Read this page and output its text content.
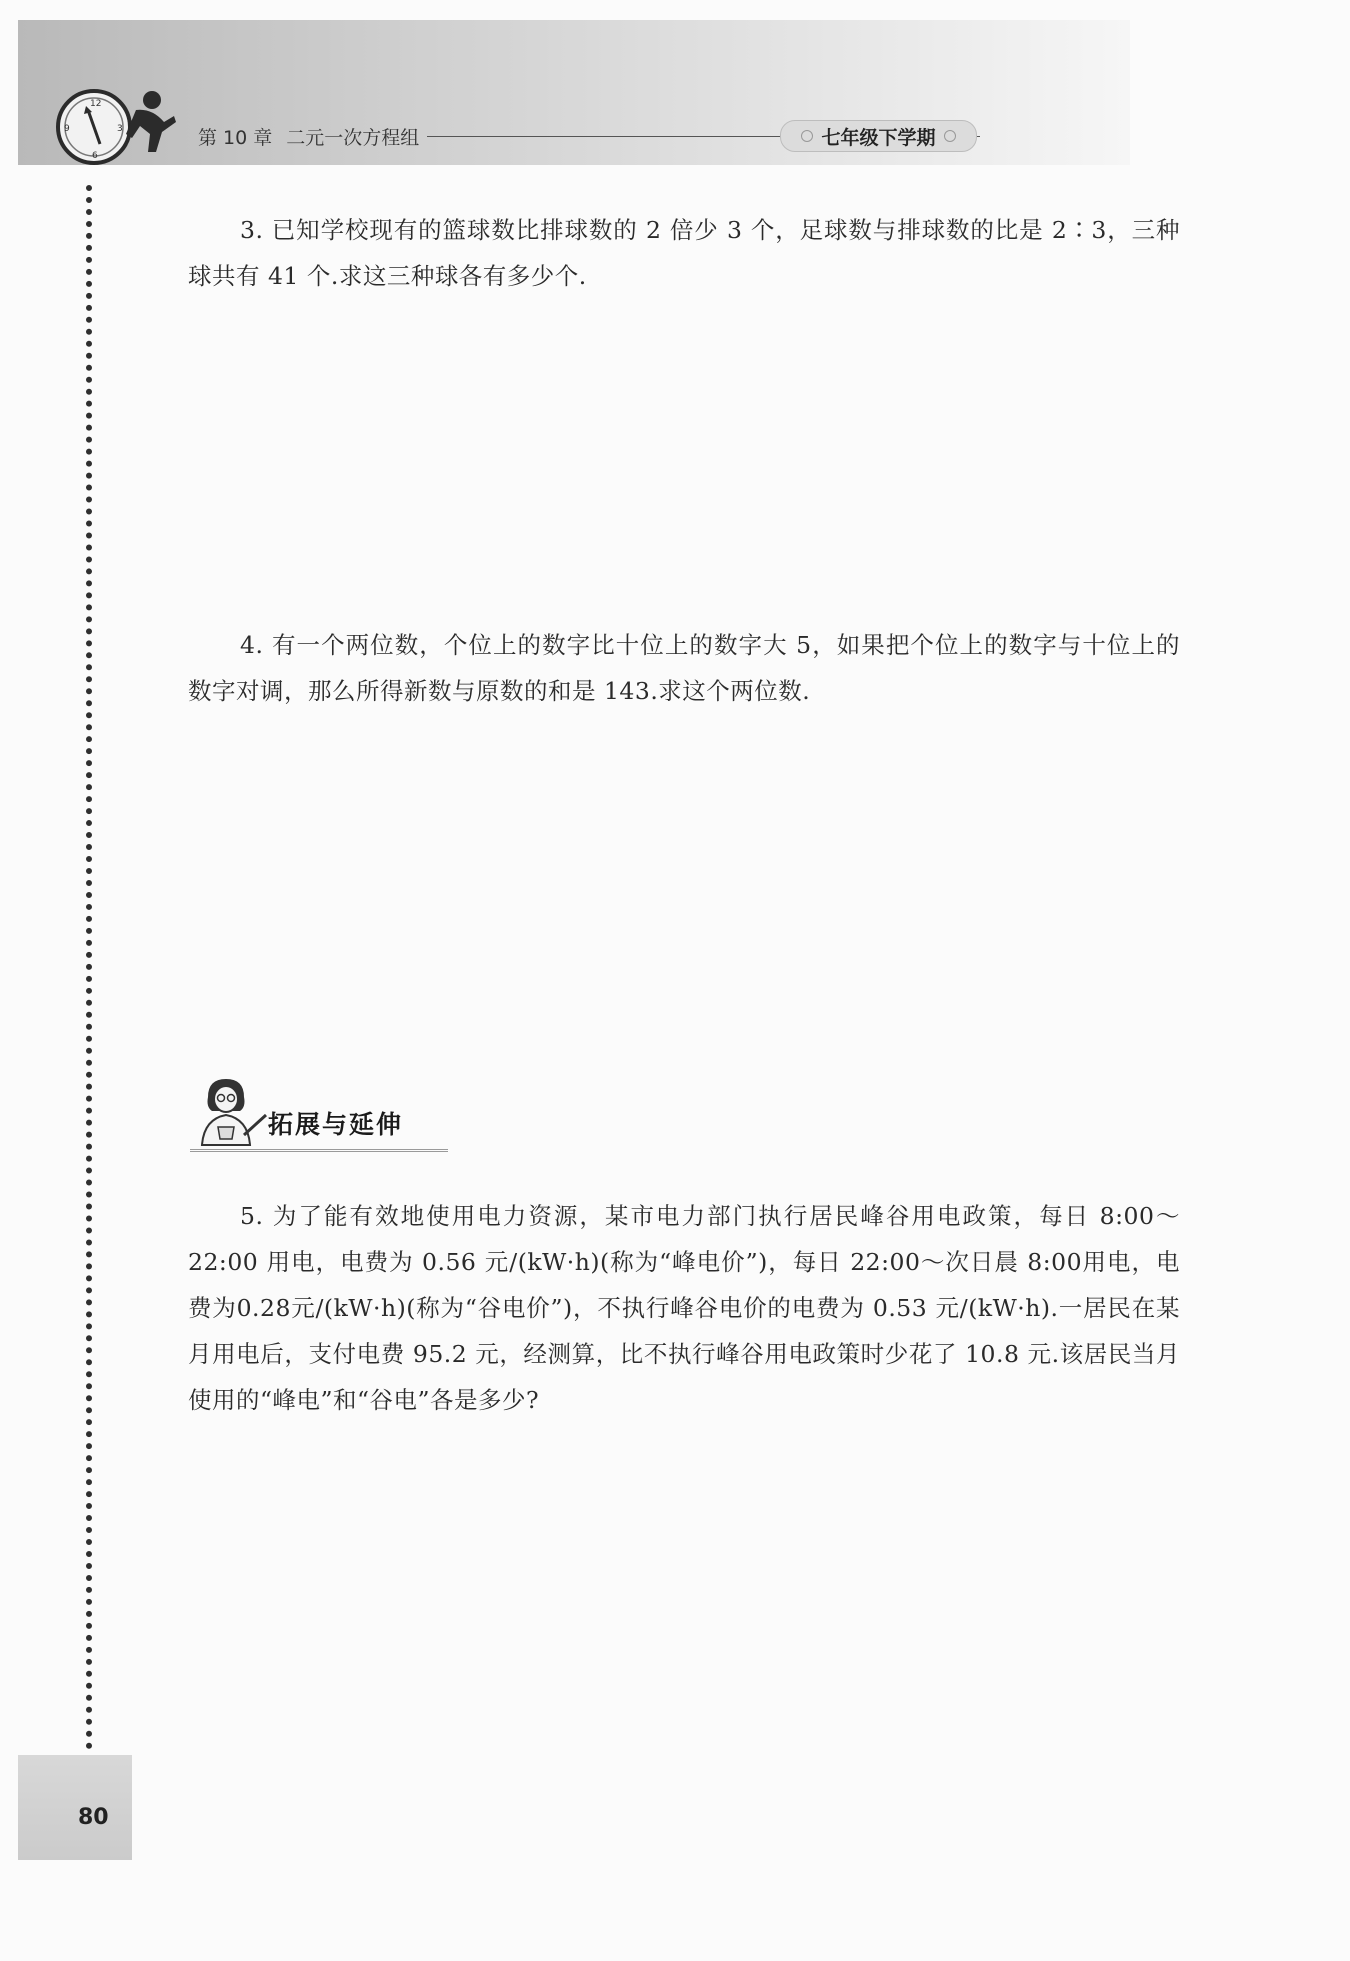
12
3
6
9	第 10 章 二元一次方程组	七年级下学期

3. 已知学校现有的篮球数比排球数的 2 倍少 3 个，足球数与排球数的比是 2∶3，三种球共有 41 个.求这三种球各有多少个.

4. 有一个两位数，个位上的数字比十位上的数字大 5，如果把个位上的数字与十位上的数字对调，那么所得新数与原数的和是 143.求这个两位数.

拓展与延伸

5. 为了能有效地使用电力资源，某市电力部门执行居民峰谷用电政策，每日 8:00～22:00 用电，电费为 0.56 元/(kW·h)(称为“峰电价”)，每日 22:00～次日晨 8:00用电，电费为0.28元/(kW·h)(称为“谷电价”)，不执行峰谷电价的电费为 0.53 元/(kW·h).一居民在某月用电后，支付电费 95.2 元，经测算，比不执行峰谷用电政策时少花了 10.8 元.该居民当月使用的“峰电”和“谷电”各是多少?

80
